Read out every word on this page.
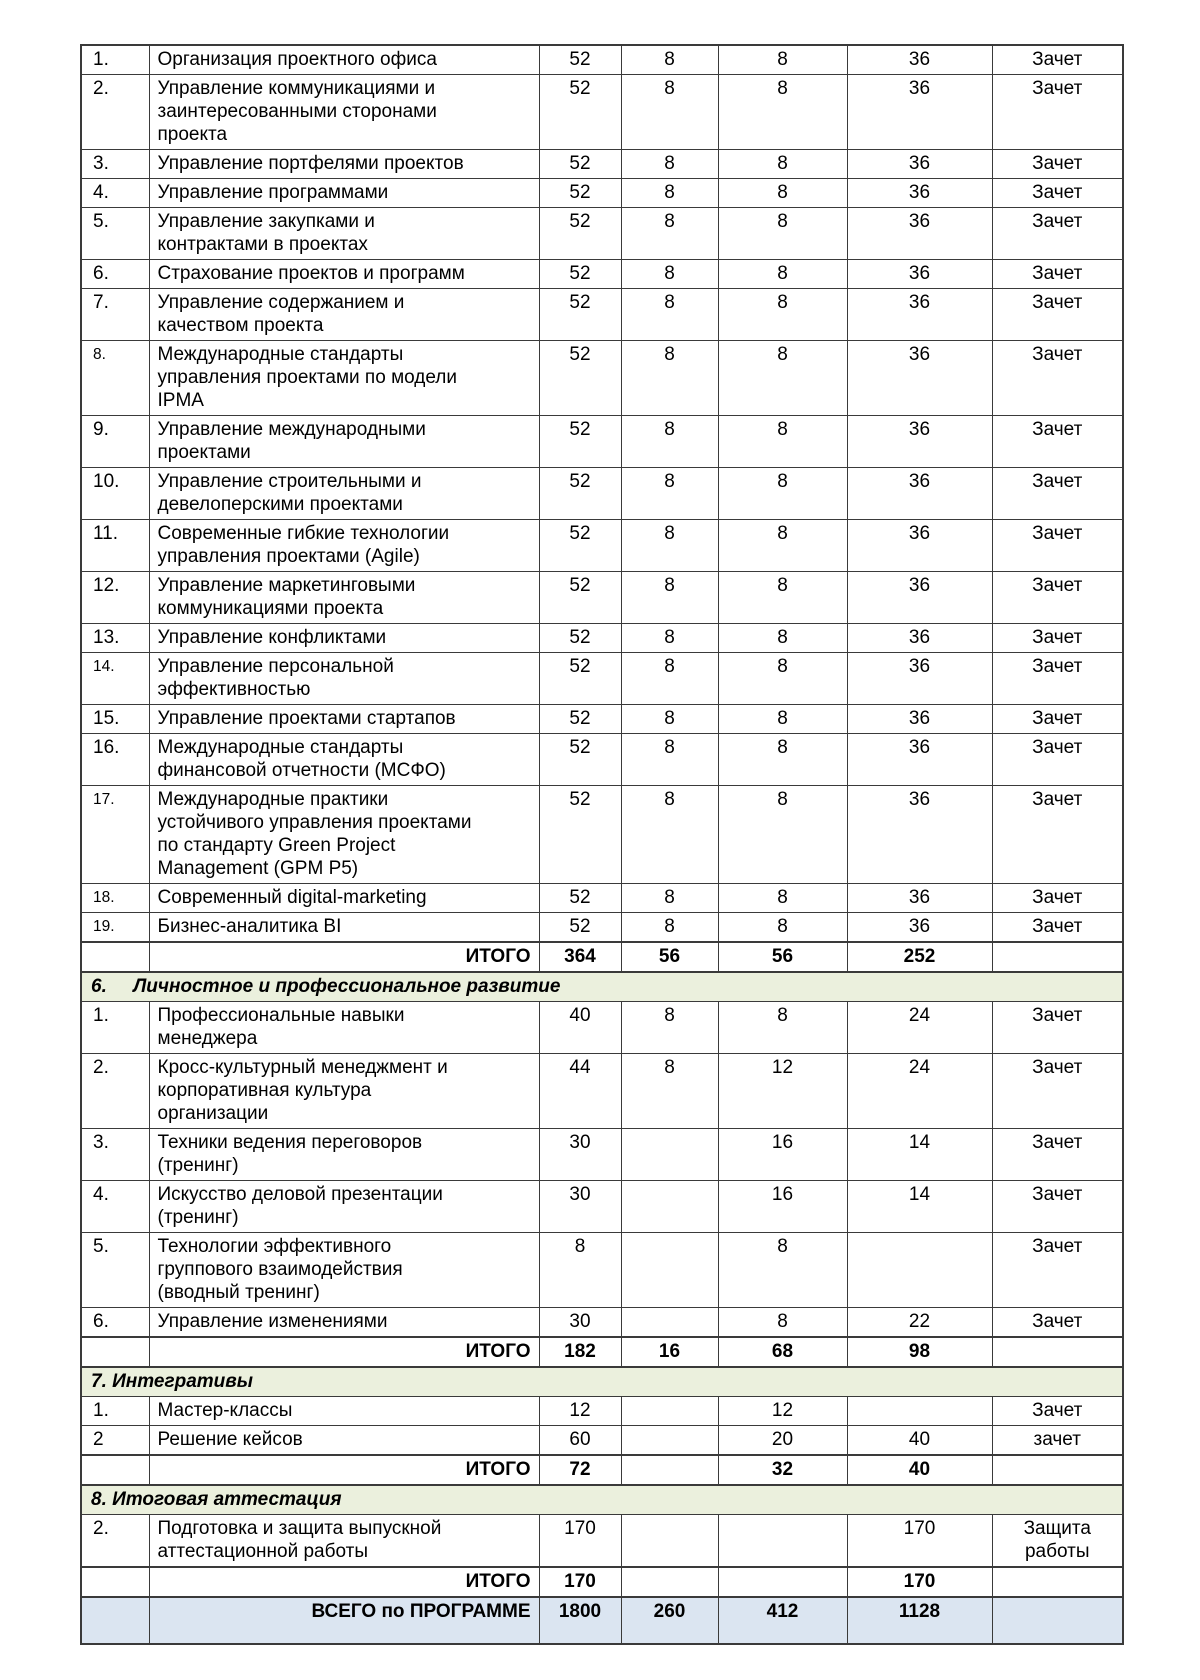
1.	Организация проектного офиса	52	8	8	36	Зачет
2.	Управление коммуникациями и заинтересованными сторонами проекта	52	8	8	36	Зачет
3.	Управление портфелями проектов	52	8	8	36	Зачет
4.	Управление программами	52	8	8	36	Зачет
5.	Управление закупками и контрактами в проектах	52	8	8	36	Зачет
6.	Страхование проектов и программ	52	8	8	36	Зачет
7.	Управление содержанием и качеством проекта	52	8	8	36	Зачет
8.	Международные стандарты управления проектами по модели IPMA	52	8	8	36	Зачет
9.	Управление международными проектами	52	8	8	36	Зачет
10.	Управление строительными и девелоперскими проектами	52	8	8	36	Зачет
11.	Современные гибкие технологии управления проектами (Agile)	52	8	8	36	Зачет
12.	Управление маркетинговыми коммуникациями проекта	52	8	8	36	Зачет
13.	Управление конфликтами	52	8	8	36	Зачет
14.	Управление персональной эффективностью	52	8	8	36	Зачет
15.	Управление проектами стартапов	52	8	8	36	Зачет
16.	Международные стандарты финансовой отчетности (МСФО)	52	8	8	36	Зачет
17.	Международные практики устойчивого управления проектами по стандарту Green Project Management (GPM P5)	52	8	8	36	Зачет
18.	Современный digital-marketing	52	8	8	36	Зачет
19.	Бизнес-аналитика BI	52	8	8	36	Зачет
	ИТОГО	364	56	56	252	
6.     Личностное и профессиональное развитие						
1.	Профессиональные навыки менеджера	40	8	8	24	Зачет
2.	Кросс-культурный менеджмент и корпоративная культура организации	44	8	12	24	Зачет
3.	Техники ведения переговоров (тренинг)	30		16	14	Зачет
4.	Искусство деловой презентации (тренинг)	30		16	14	Зачет
5.	Технологии эффективного группового взаимодействия (вводный тренинг)	8		8		Зачет
6.	Управление изменениями	30		8	22	Зачет
	ИТОГО	182	16	68	98	
7. Интегративы						
1.	Мастер-классы	12		12		Зачет
2	Решение кейсов	60		20	40	зачет
	ИТОГО	72		32	40	
8. Итоговая аттестация						
2.	Подготовка и защита выпускной аттестационной работы	170			170	Защита работы
	ИТОГО	170			170	
	ВСЕГО по ПРОГРАММЕ	1800	260	412	1128	
